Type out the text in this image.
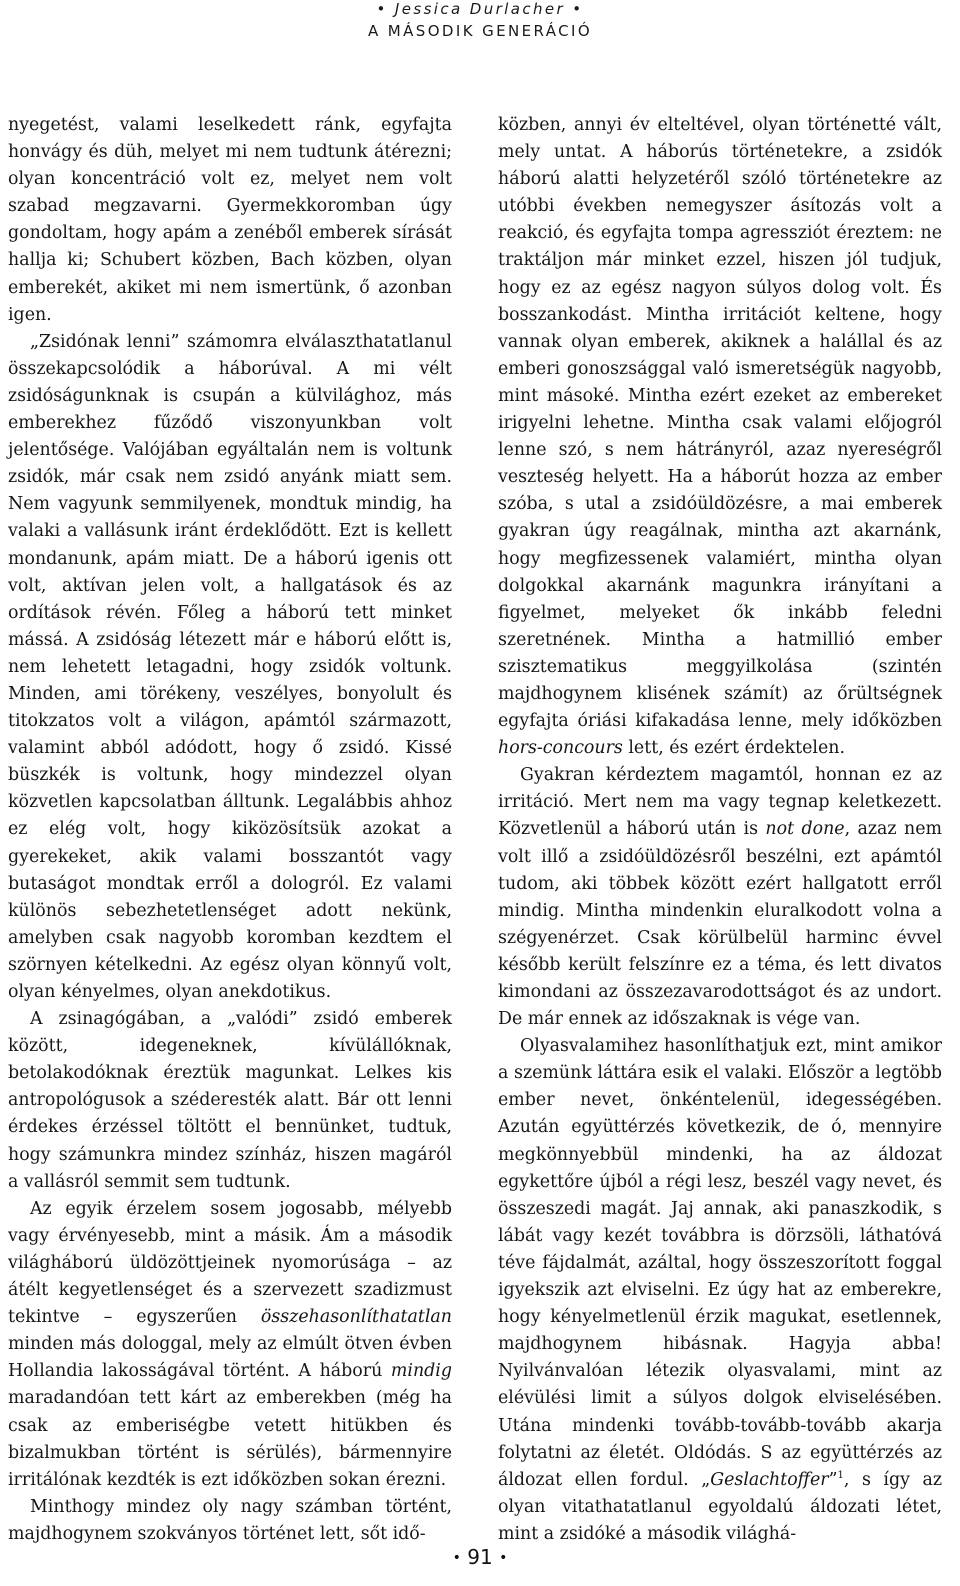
• Jessica Durlacher •
A MÁSODIK GENERÁCIÓ

nyegetést, valami leselkedett ránk, egyfajta honvágy és düh, melyet mi nem tudtunk átérezni; olyan koncentráció volt ez, melyet nem volt szabad megzavarni. Gyermekkoromban úgy gondoltam, hogy apám a zenéből emberek sírását hallja ki; Schubert közben, Bach közben, olyan emberekét, akiket mi nem ismertünk, ő azonban igen.

„Zsidónak lenni” számomra elválaszthatatlanul összekapcsolódik a háborúval. A mi vélt zsidóságunknak is csupán a külvilághoz, más emberekhez fűződő viszonyunkban volt jelentősége. Valójában egyáltalán nem is voltunk zsidók, már csak nem zsidó anyánk miatt sem. Nem vagyunk semmilyenek, mondtuk mindig, ha valaki a vallásunk iránt érdeklődött. Ezt is kellett mondanunk, apám miatt. De a háború igenis ott volt, aktívan jelen volt, a hallgatások és az ordítások révén. Főleg a háború tett minket mássá. A zsidóság létezett már e háború előtt is, nem lehetett letagadni, hogy zsidók voltunk. Minden, ami törékeny, veszélyes, bonyolult és titokzatos volt a világon, apámtól származott, valamint abból adódott, hogy ő zsidó. Kissé büszkék is voltunk, hogy mindezzel olyan közvetlen kapcsolatban álltunk. Legalábbis ahhoz ez elég volt, hogy kiközösítsük azokat a gyerekeket, akik valami bosszantót vagy butaságot mondtak erről a dologról. Ez valami különös sebezhetetlenséget adott nekünk, amelyben csak nagyobb koromban kezdtem el szörnyen kételkedni. Az egész olyan könnyű volt, olyan kényelmes, olyan anekdotikus.

A zsinagógában, a „valódi” zsidó emberek között, idegeneknek, kívülállóknak, betolakodóknak éreztük magunkat. Lelkes kis antropológusok a széderesték alatt. Bár ott lenni érdekes érzéssel töltött el bennünket, tudtuk, hogy számunkra mindez színház, hiszen magáról a vallásról semmit sem tudtunk.

Az egyik érzelem sosem jogosabb, mélyebb vagy érvényesebb, mint a másik. Ám a második világháború üldözöttjeinek nyomorúsága – az átélt kegyetlenséget és a szervezett szadizmust tekintve – egyszerűen összehasonlíthatatlan minden más dologgal, mely az elmúlt ötven évben Hollandia lakosságával történt. A háború mindig maradandóan tett kárt az emberekben (még ha csak az emberiségbe vetett hitükben és bizalmukban történt is sérülés), bármennyire irritálónak kezdték is ezt időközben sokan érezni.

Minthogy mindez oly nagy számban történt, majdhogynem szokványos történet lett, sőt idő-

közben, annyi év elteltével, olyan történetté vált, mely untat. A háborús történetekre, a zsidók háború alatti helyzetéről szóló történetekre az utóbbi években nemegyszer ásítozás volt a reakció, és egyfajta tompa agressziót éreztem: ne traktáljon már minket ezzel, hiszen jól tudjuk, hogy ez az egész nagyon súlyos dolog volt. És bosszankodást. Mintha irritációt keltene, hogy vannak olyan emberek, akiknek a halállal és az emberi gonoszsággal való ismeretségük nagyobb, mint másoké. Mintha ezért ezeket az embereket irigyelni lehetne. Mintha csak valami előjogról lenne szó, s nem hátrányról, azaz nyereségről veszteség helyett. Ha a háborút hozza az ember szóba, s utal a zsidóüldözésre, a mai emberek gyakran úgy reagálnak, mintha azt akarnánk, hogy megfizessenek valamiért, mintha olyan dolgokkal akarnánk magunkra irányítani a figyelmet, melyeket ők inkább feledni szeretnének. Mintha a hatmillió ember szisztematikus meggyilkolása (szintén majdhogynem klisének számít) az őrültségnek egyfajta óriási kifakadása lenne, mely időközben hors-concours lett, és ezért érdektelen.

Gyakran kérdeztem magamtól, honnan ez az irritáció. Mert nem ma vagy tegnap keletkezett. Közvetlenül a háború után is not done, azaz nem volt illő a zsidóüldözésről beszélni, ezt apámtól tudom, aki többek között ezért hallgatott erről mindig. Mintha mindenkin eluralkodott volna a szégyenérzet. Csak körülbelül harminc évvel később került felszínre ez a téma, és lett divatos kimondani az összezavarodottságot és az undort. De már ennek az időszaknak is vége van.

Olyasvalamihez hasonlíthatjuk ezt, mint amikor a szemünk láttára esik el valaki. Először a legtöbb ember nevet, önkéntelenül, idegességében. Azután együttérzés következik, de ó, mennyire megkönnyebbül mindenki, ha az áldozat egykettőre újból a régi lesz, beszél vagy nevet, és összeszedi magát. Jaj annak, aki panaszkodik, s lábát vagy kezét továbbra is dörzsöli, láthatóvá téve fájdalmát, azáltal, hogy összeszorított foggal igyekszik azt elviselni. Ez úgy hat az emberekre, hogy kényelmetlenül érzik magukat, esetlennek, majdhogynem hibásnak. Hagyja abba! Nyilvánvalóan létezik olyasvalami, mint az elévülési limit a súlyos dolgok elviselésében. Utána mindenki tovább-tovább-tovább akarja folytatni az életét. Oldódás. S az együttérzés az áldozat ellen fordul. „Geslachtoffer”$^1$, s így az olyan vitathatatlanul egyoldalú áldozati létet, mint a zsidóké a második világhá-

• 91 •
